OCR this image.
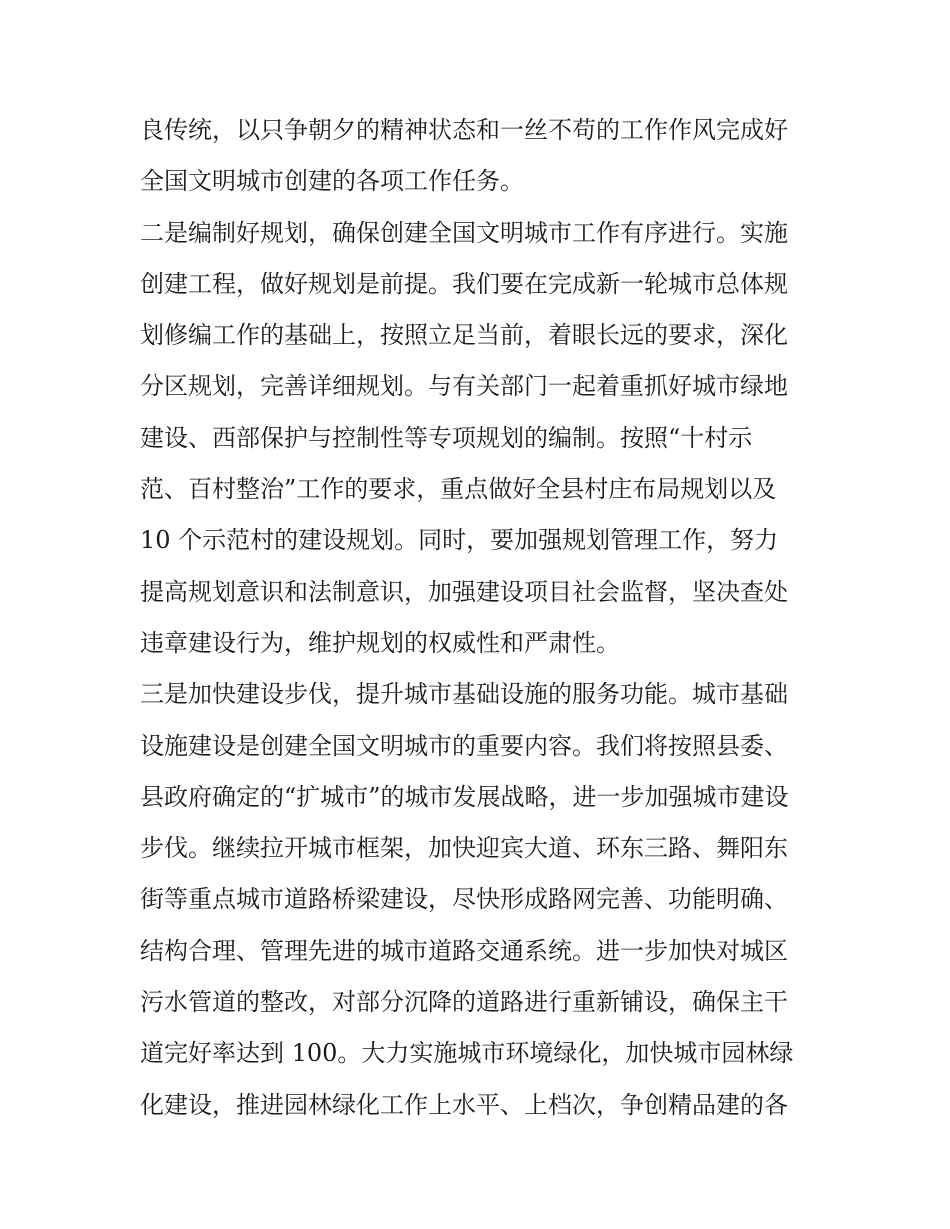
良传统，以只争朝夕的精神状态和一丝不苟的工作作风完成好
全国文明城市创建的各项工作任务。
二是编制好规划，确保创建全国文明城市工作有序进行。实施
创建工程，做好规划是前提。我们要在完成新一轮城市总体规
划修编工作的基础上，按照立足当前，着眼长远的要求，深化
分区规划，完善详细规划。与有关部门一起着重抓好城市绿地
建设、西部保护与控制性等专项规划的编制。按照“十村示
范、百村整治”工作的要求，重点做好全县村庄布局规划以及
10 个示范村的建设规划。同时，要加强规划管理工作，努力
提高规划意识和法制意识，加强建设项目社会监督，坚决查处
违章建设行为，维护规划的权威性和严肃性。
三是加快建设步伐，提升城市基础设施的服务功能。城市基础
设施建设是创建全国文明城市的重要内容。我们将按照县委、
县政府确定的“扩城市”的城市发展战略，进一步加强城市建设
步伐。继续拉开城市框架，加快迎宾大道、环东三路、舞阳东
街等重点城市道路桥梁建设，尽快形成路网完善、功能明确、
结构合理、管理先进的城市道路交通系统。进一步加快对城区
污水管道的整改，对部分沉降的道路进行重新铺设，确保主干
道完好率达到 100。大力实施城市环境绿化，加快城市园林绿
化建设，推进园林绿化工作上水平、上档次，争创精品建的各
